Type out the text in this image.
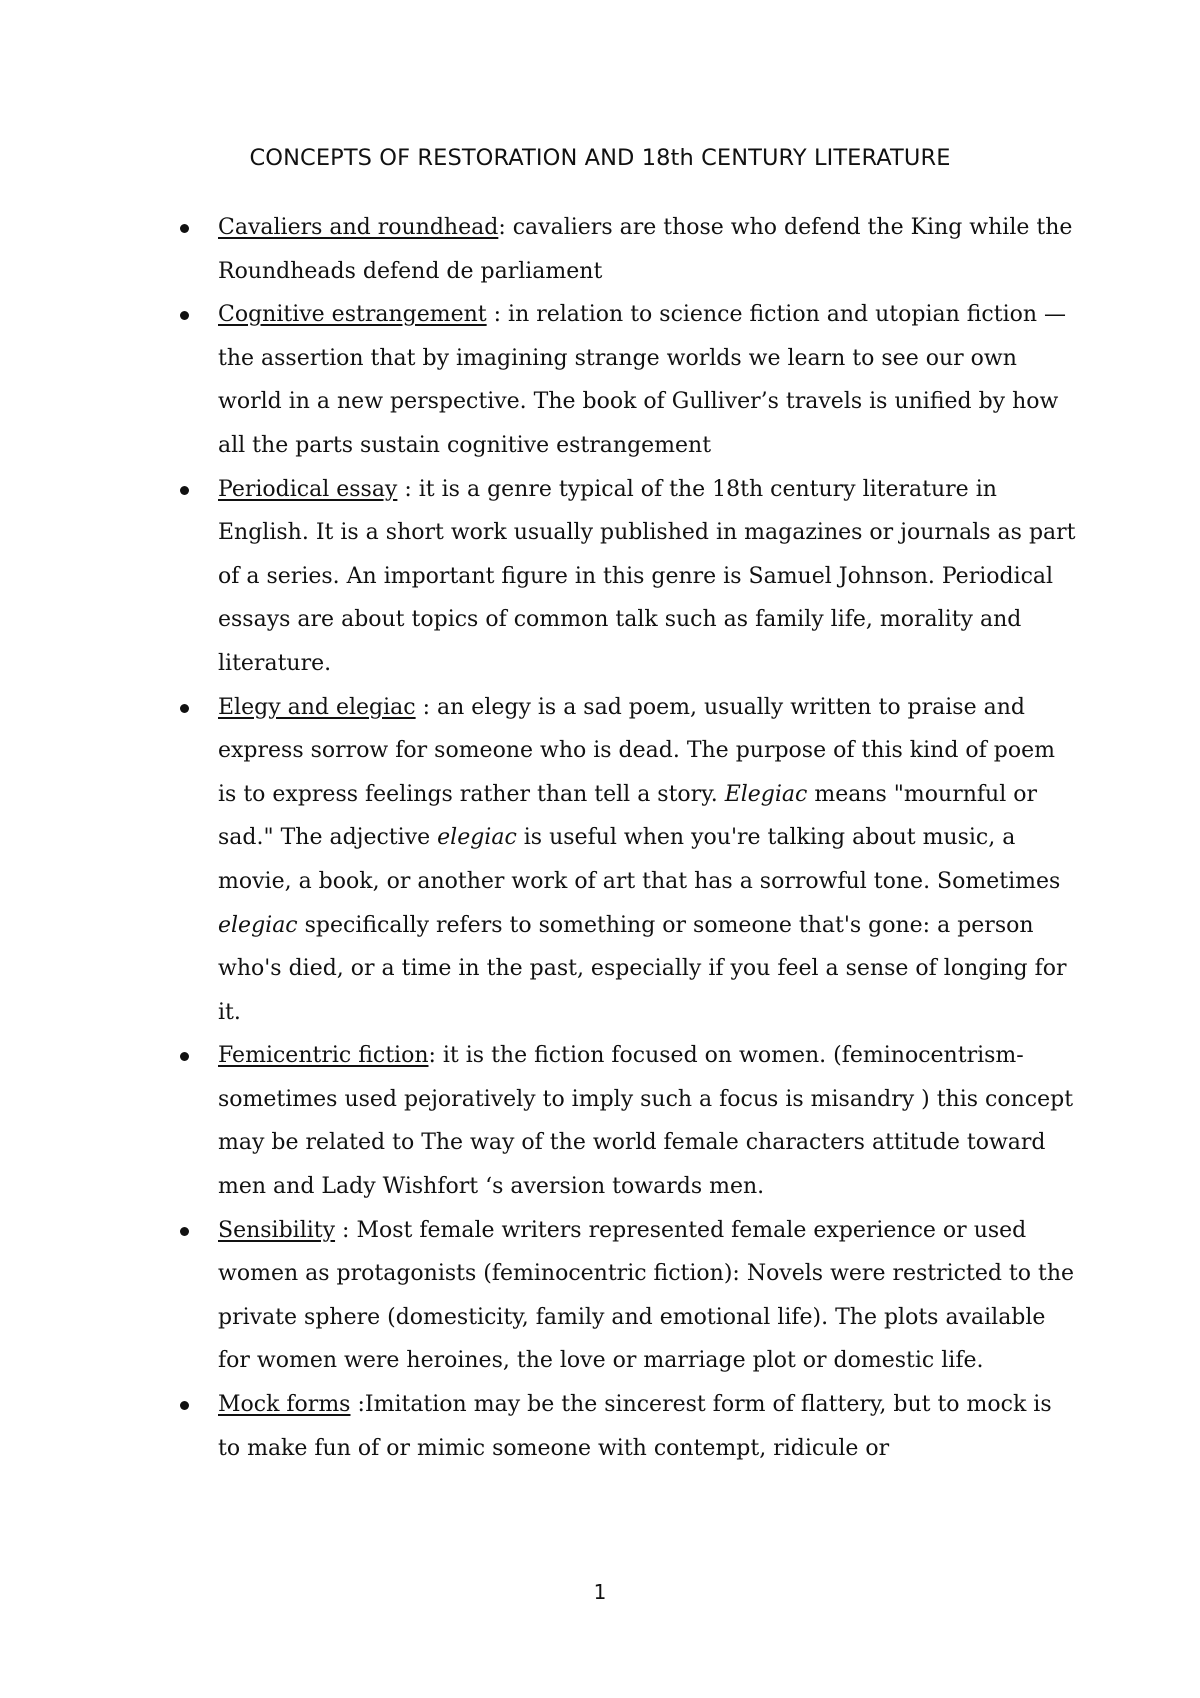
CONCEPTS OF RESTORATION AND 18th CENTURY LITERATURE
Cavaliers and roundhead: cavaliers are those who defend the King while the Roundheads defend de parliament
Cognitive estrangement : in relation to science fiction and utopian fiction — the assertion that by imagining strange worlds we learn to see our own world in a new perspective. The book of Gulliver’s travels is unified by how all the parts sustain cognitive estrangement
Periodical essay : it is a genre typical of the 18th century literature in English. It is a short work usually published in magazines or journals as part of a series. An important figure in this genre is Samuel Johnson. Periodical essays are about topics of common talk such as family life, morality and literature.
Elegy and elegiac : an elegy is a sad poem, usually written to praise and express sorrow for someone who is dead. The purpose of this kind of poem is to express feelings rather than tell a story. Elegiac means "mournful or sad." The adjective elegiac is useful when you're talking about music, a movie, a book, or another work of art that has a sorrowful tone. Sometimes elegiac specifically refers to something or someone that's gone: a person who's died, or a time in the past, especially if you feel a sense of longing for it.
Femicentric fiction: it is the fiction focused on women. (feminocentrism- sometimes used pejoratively to imply such a focus is misandry ) this concept may be related to The way of the world female characters attitude toward men and Lady Wishfort ‘s aversion towards men.
Sensibility : Most female writers represented female experience or used women as protagonists (feminocentric fiction): Novels were restricted to the private sphere (domesticity, family and emotional life). The plots available for women were heroines, the love or marriage plot or domestic life.
Mock forms :Imitation may be the sincerest form of flattery, but to mock is to make fun of or mimic someone with contempt, ridicule or
1
